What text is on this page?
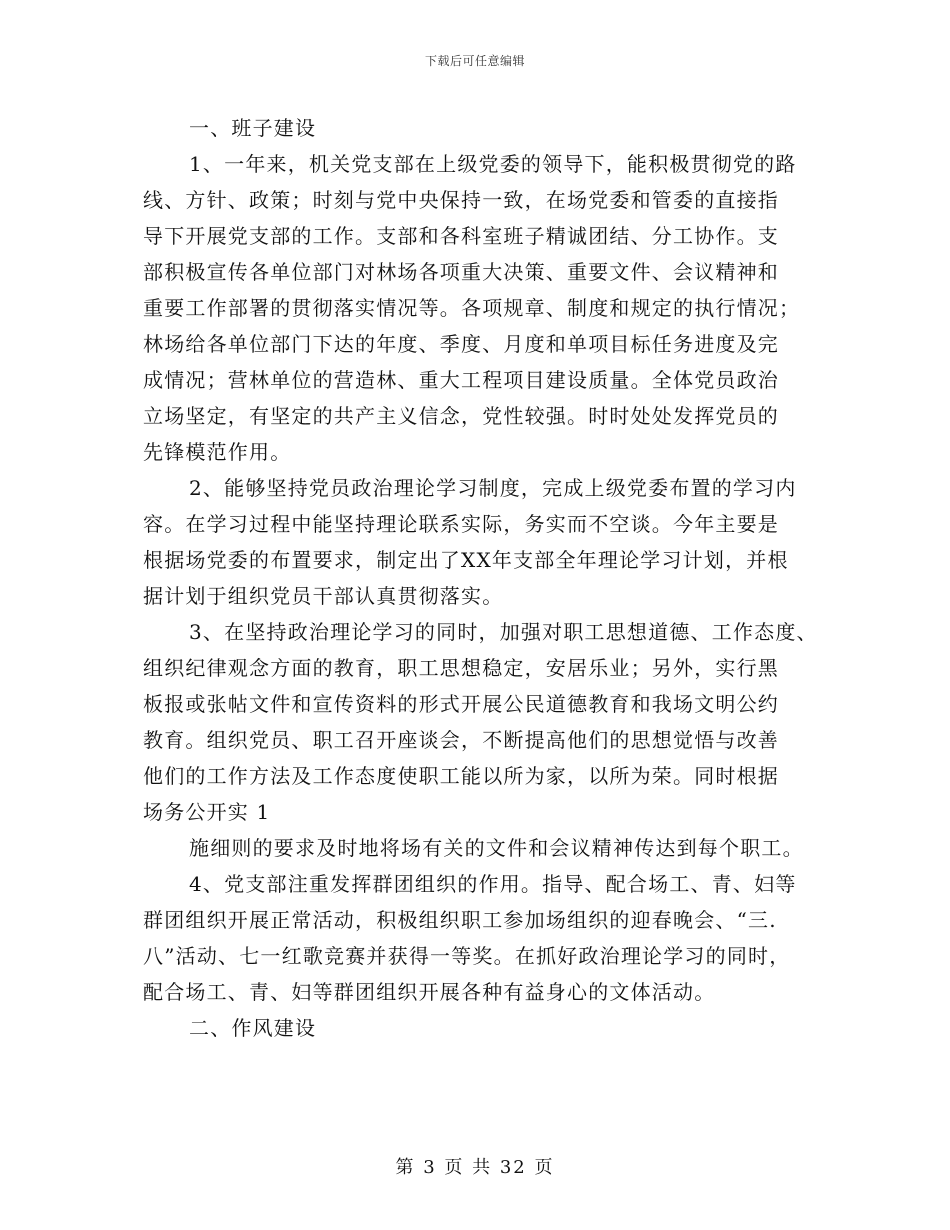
下载后可任意编辑
一、班子建设
1、一年来，机关党支部在上级党委的领导下，能积极贯彻党的路
线、方针、政策；时刻与党中央保持一致，在场党委和管委的直接指
导下开展党支部的工作。支部和各科室班子精诚团结、分工协作。支
部积极宣传各单位部门对林场各项重大决策、重要文件、会议精神和
重要工作部署的贯彻落实情况等。各项规章、制度和规定的执行情况；
林场给各单位部门下达的年度、季度、月度和单项目标任务进度及完
成情况；营林单位的营造林、重大工程项目建设质量。全体党员政治
立场坚定，有坚定的共产主义信念，党性较强。时时处处发挥党员的
先锋模范作用。
2、能够坚持党员政治理论学习制度，完成上级党委布置的学习内
容。在学习过程中能坚持理论联系实际，务实而不空谈。今年主要是
根据场党委的布置要求，制定出了XX年支部全年理论学习计划，并根
据计划于组织党员干部认真贯彻落实。
3、在坚持政治理论学习的同时，加强对职工思想道德、工作态度、
组织纪律观念方面的教育，职工思想稳定，安居乐业；另外，实行黑
板报或张帖文件和宣传资料的形式开展公民道德教育和我场文明公约
教育。组织党员、职工召开座谈会，不断提高他们的思想觉悟与改善
他们的工作方法及工作态度使职工能以所为家，以所为荣。同时根据
场务公开实 1
施细则的要求及时地将场有关的文件和会议精神传达到每个职工。
4、党支部注重发挥群团组织的作用。指导、配合场工、青、妇等
群团组织开展正常活动，积极组织职工参加场组织的迎春晚会、“三.
八”活动、七一红歌竞赛并获得一等奖。在抓好政治理论学习的同时，
配合场工、青、妇等群团组织开展各种有益身心的文体活动。
二、作风建设
第 3 页 共 32 页
